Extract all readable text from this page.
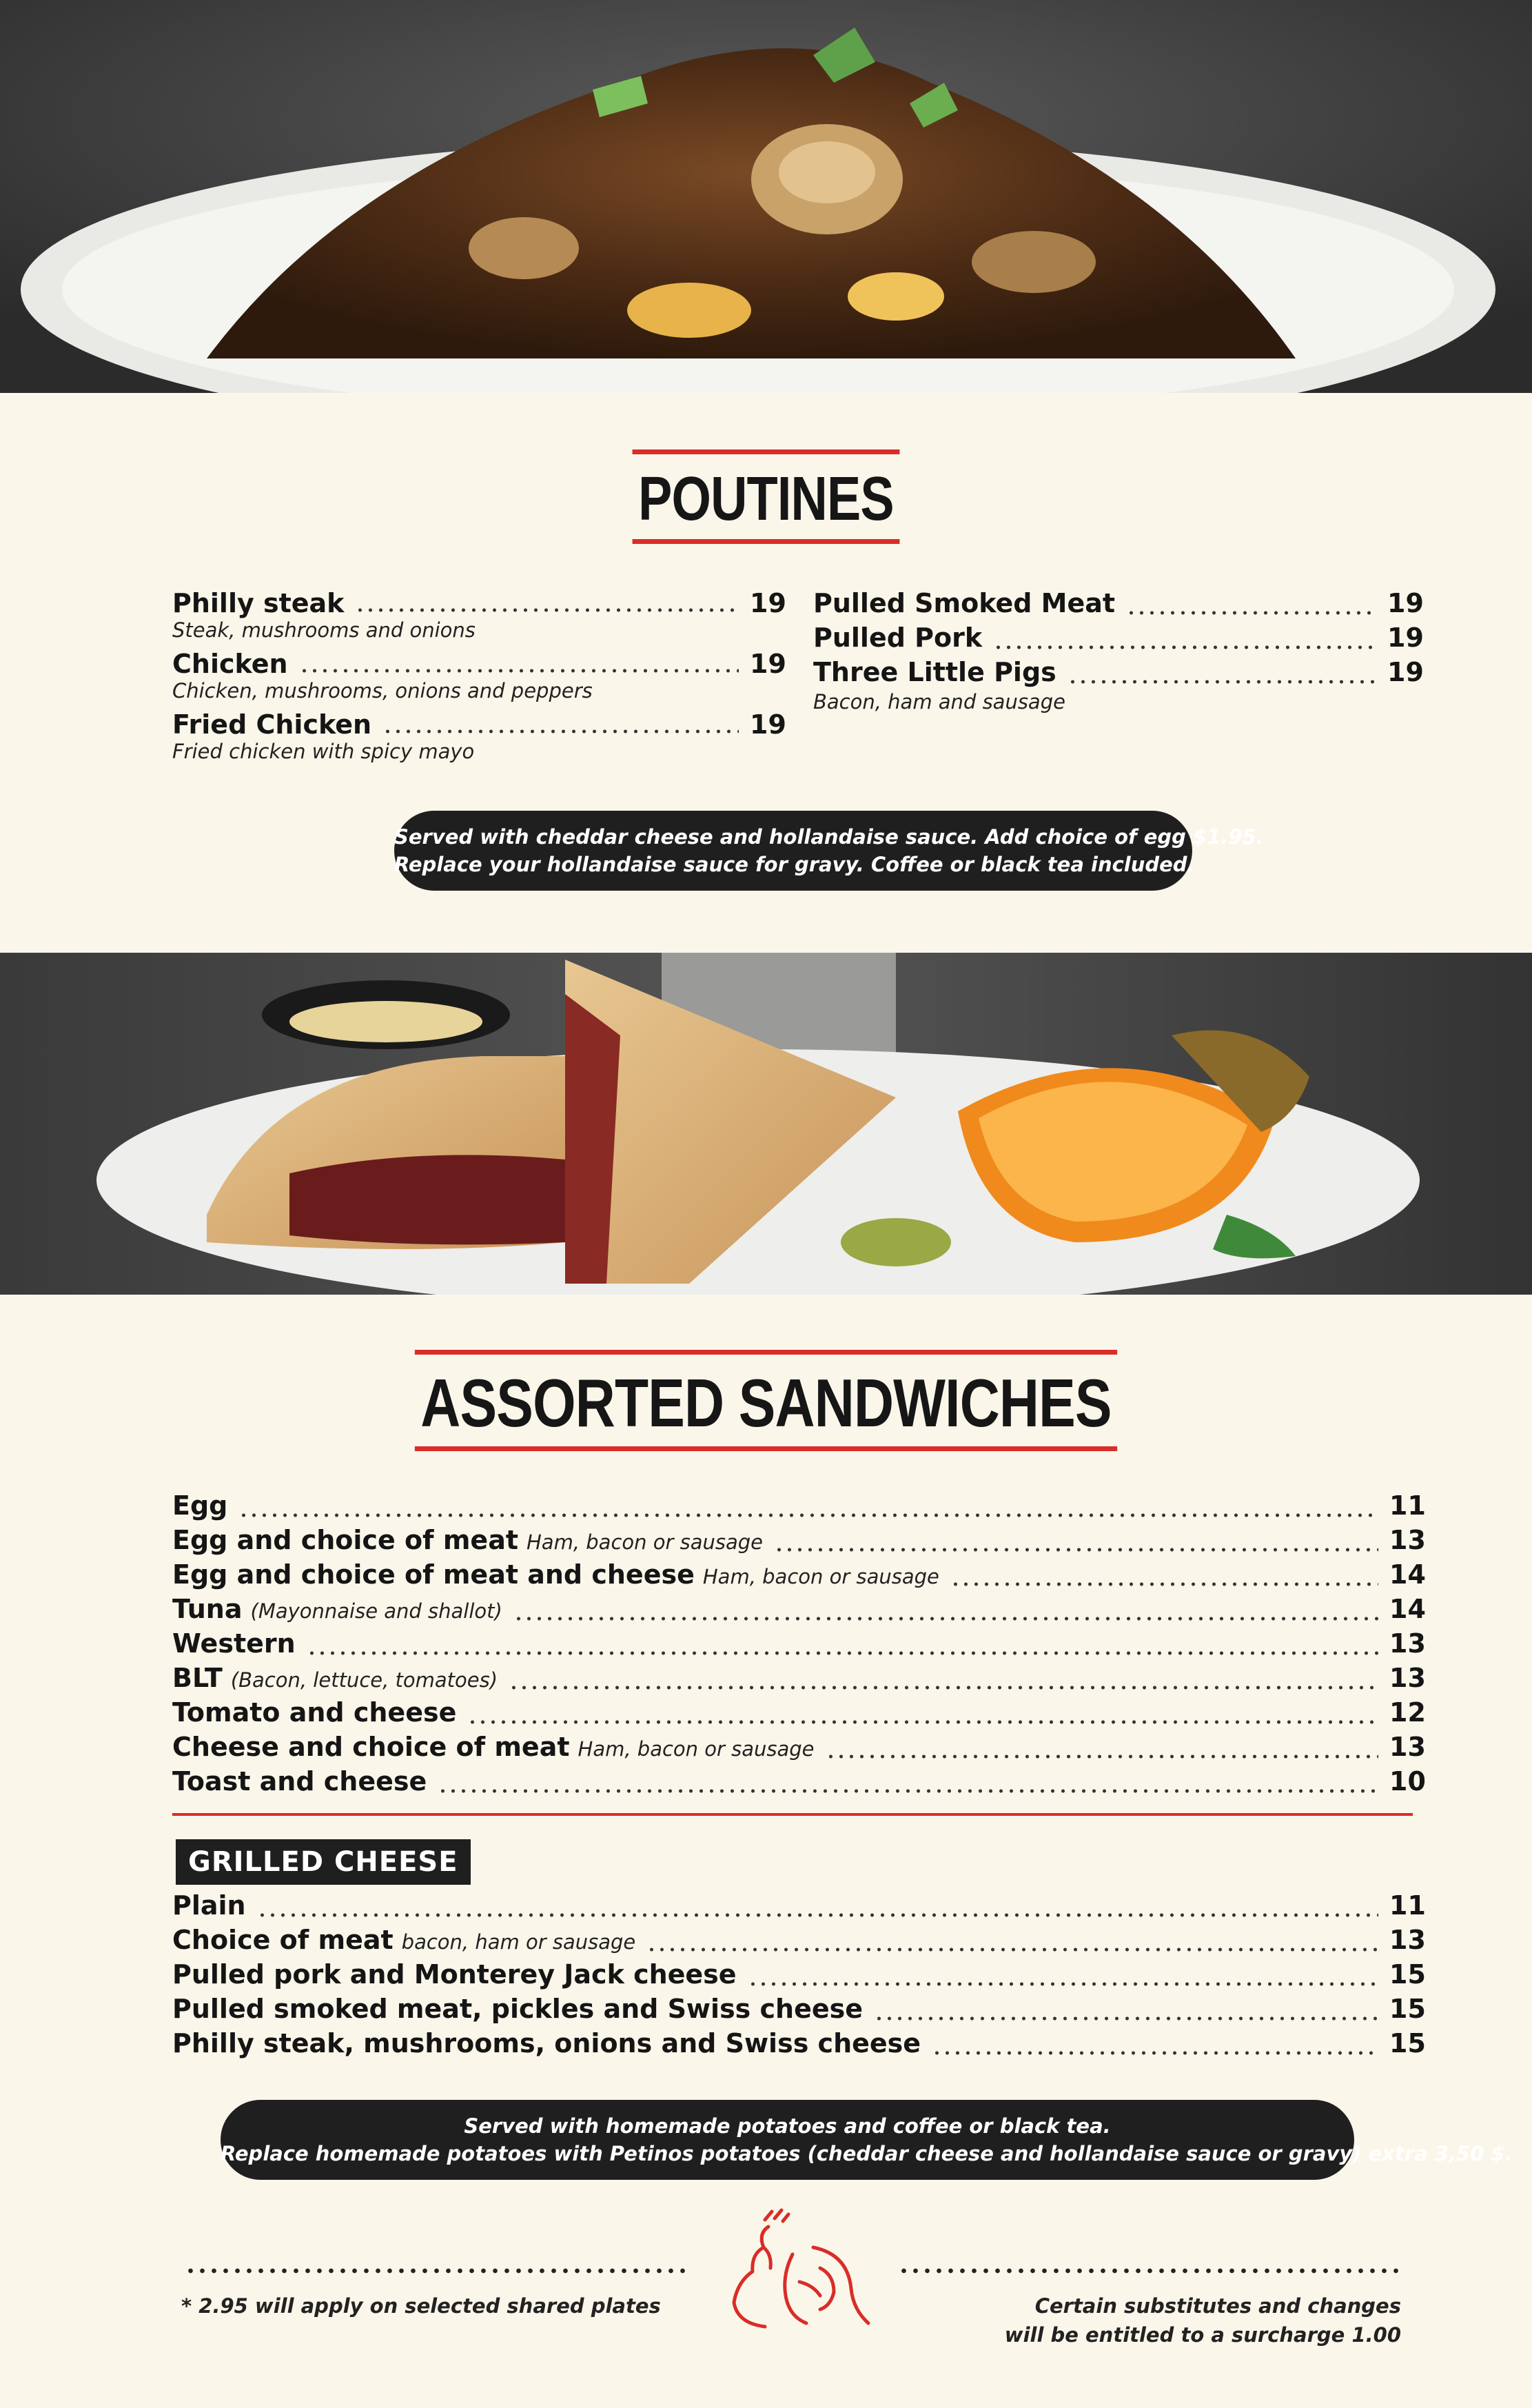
POUTINES
Philly steak	19
Steak, mushrooms and onions
Chicken	19
Chicken, mushrooms, onions and peppers
Fried Chicken	19
Fried chicken with spicy mayo
Pulled Smoked Meat	19
Pulled Pork	19
Three Little Pigs	19
Bacon, ham and sausage
Served with cheddar cheese and hollandaise sauce. Add choice of egg $1.95.
Replace your hollandaise sauce for gravy. Coffee or black tea included.
ASSORTED SANDWICHES
Egg	11
Egg and choice of meat Ham, bacon or sausage	13
Egg and choice of meat and cheese Ham, bacon or sausage	14
Tuna (Mayonnaise and shallot)	14
Western	13
BLT (Bacon, lettuce, tomatoes)	13
Tomato and cheese	12
Cheese and choice of meat Ham, bacon or sausage	13
Toast and cheese	10
GRILLED CHEESE
Plain	11
Choice of meat bacon, ham or sausage	13
Pulled pork and Monterey Jack cheese	15
Pulled smoked meat, pickles and Swiss cheese	15
Philly steak, mushrooms, onions and Swiss cheese	15
Served with homemade potatoes and coffee or black tea.
Replace homemade potatoes with Petinos potatoes (cheddar cheese and hollandaise sauce or gravy) extra 3,50 $.
* 2.95 will apply on selected shared plates	Certain substitutes and changes
will be entitled to a surcharge 1.00
